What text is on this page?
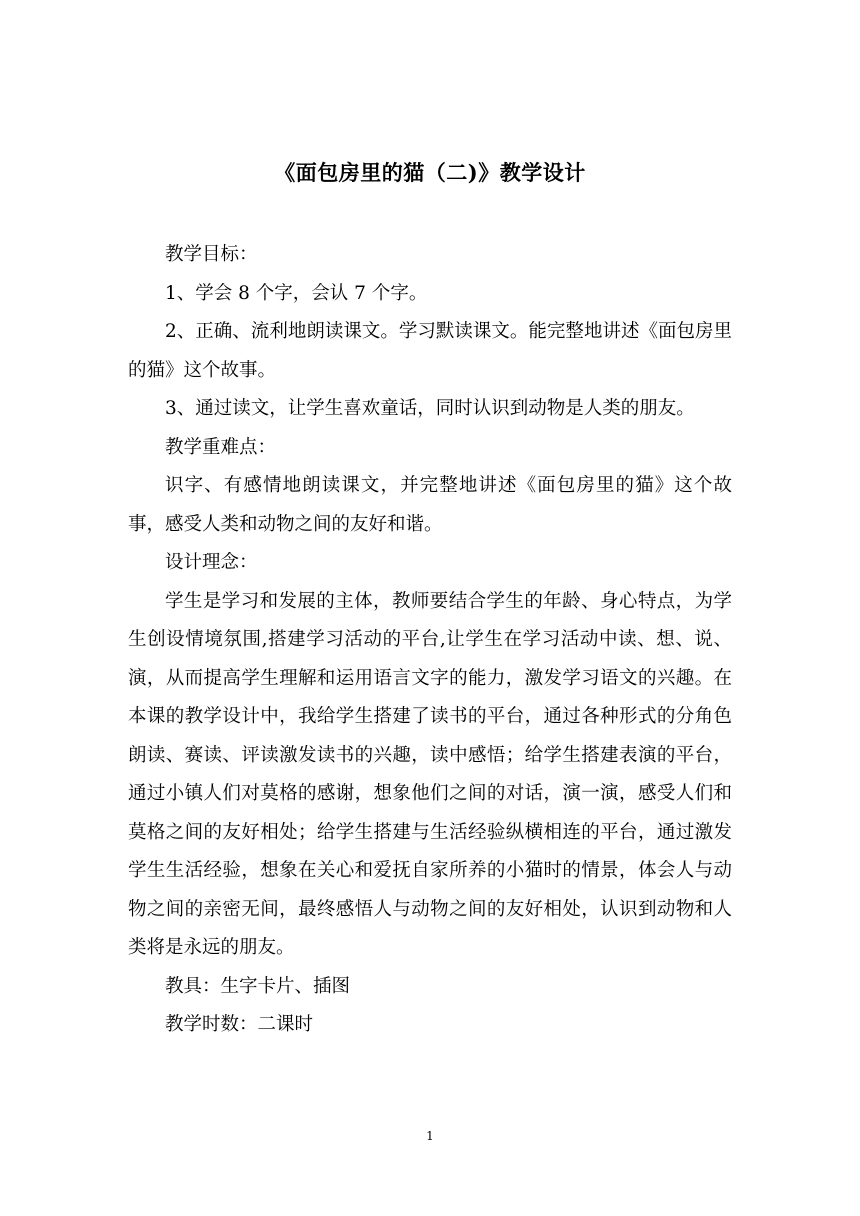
《面包房里的猫（二)》教学设计

教学目标：

1、学会 8 个字，会认 7 个字。

2、正确、流利地朗读课文。学习默读课文。能完整地讲述《面包房里的猫》这个故事。

3、通过读文，让学生喜欢童话，同时认识到动物是人类的朋友。

教学重难点：

识字、有感情地朗读课文，并完整地讲述《面包房里的猫》这个故事，感受人类和动物之间的友好和谐。

设计理念：

学生是学习和发展的主体，教师要结合学生的年龄、身心特点，为学生创设情境氛围,搭建学习活动的平台,让学生在学习活动中读、想、说、演，从而提高学生理解和运用语言文字的能力，激发学习语文的兴趣。在本课的教学设计中，我给学生搭建了读书的平台，通过各种形式的分角色朗读、赛读、评读激发读书的兴趣，读中感悟；给学生搭建表演的平台，通过小镇人们对莫格的感谢，想象他们之间的对话，演一演，感受人们和莫格之间的友好相处；给学生搭建与生活经验纵横相连的平台，通过激发学生生活经验，想象在关心和爱抚自家所养的小猫时的情景，体会人与动物之间的亲密无间，最终感悟人与动物之间的友好相处，认识到动物和人类将是永远的朋友。

教具：生字卡片、插图

教学时数：二课时

1
